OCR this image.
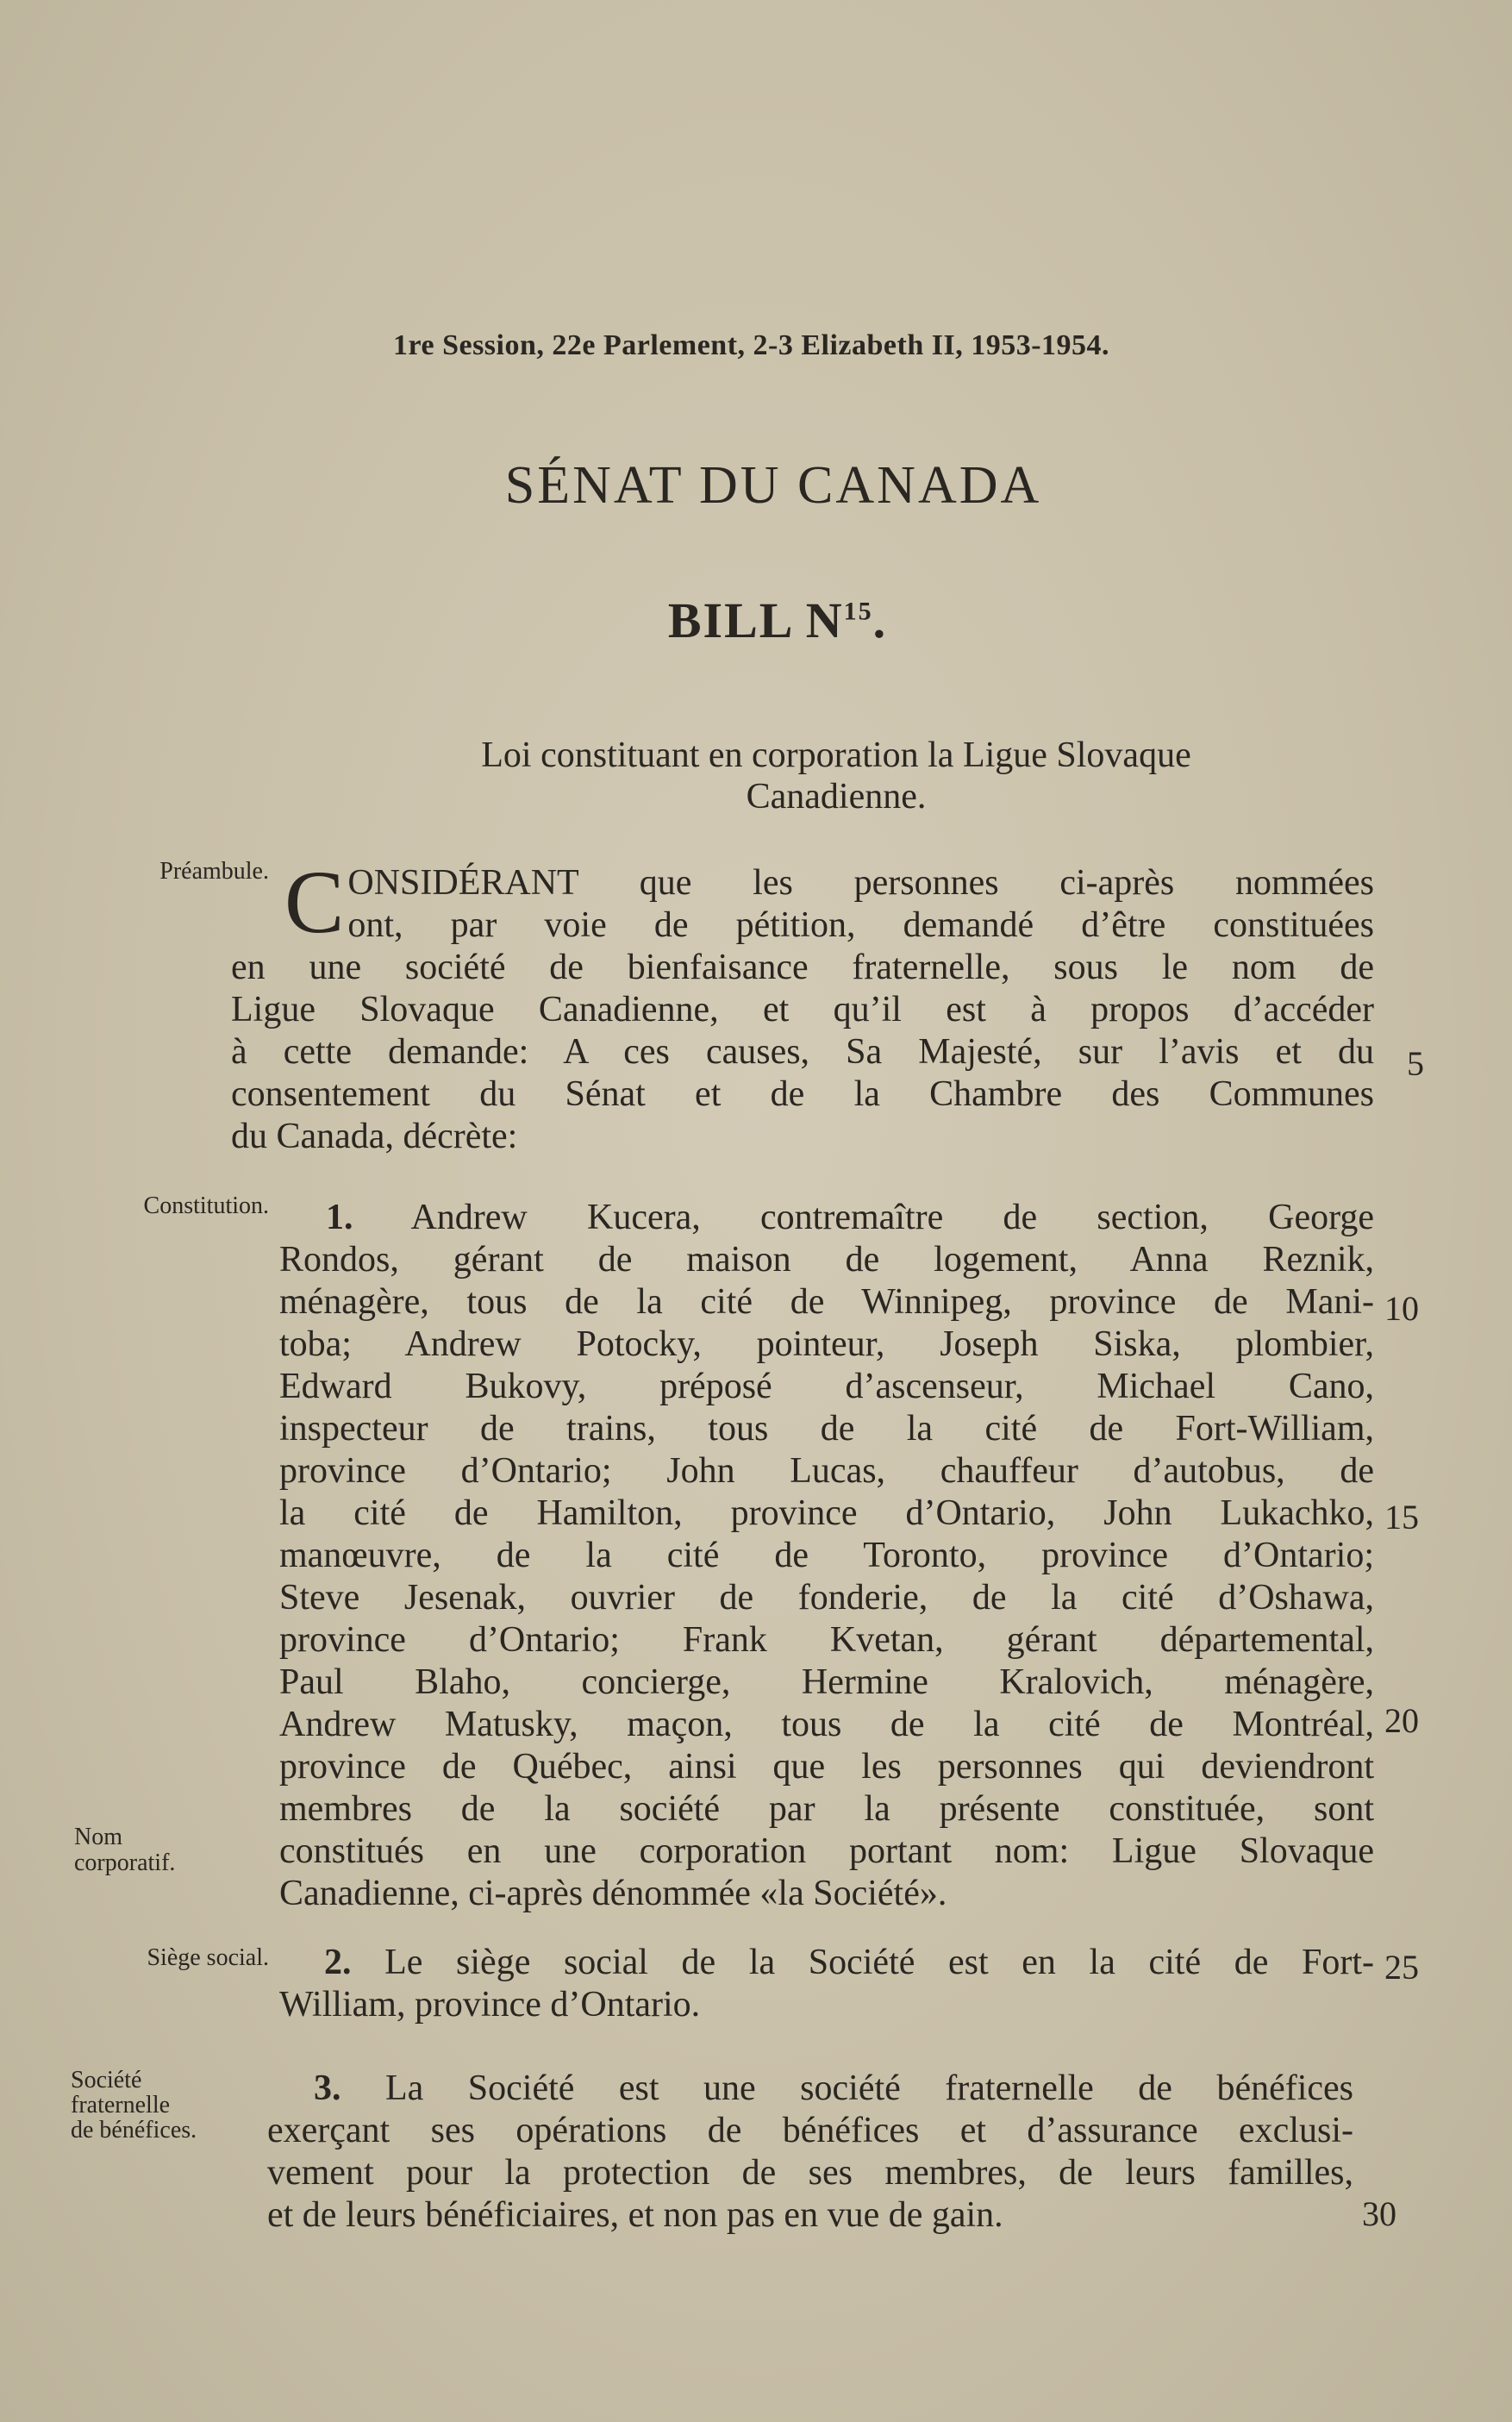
1re Session, 22e Parlement, 2-3 Elizabeth II, 1953-1954.
SÉNAT DU CANADA
BILL $N^{15}$.
Loi constituant en corporation la Ligue Slovaque
Canadienne.
Préambule.
Constitution.
Nom
corporatif.
Siège social.
Société
fraternelle
de bénéfices.
C ONSIDÉRANT que les personnes ci-après nommées
ont, par voie de pétition, demandé d’être constituées
en une société de bienfaisance fraternelle, sous le nom de
Ligue Slovaque Canadienne, et qu’il est à propos d’accéder
à cette demande: A ces causes, Sa Majesté, sur l’avis et du
consentement du Sénat et de la Chambre des Communes
du Canada, décrète:
1. Andrew Kucera, contremaître de section, George
Rondos, gérant de maison de logement, Anna Reznik,
ménagère, tous de la cité de Winnipeg, province de Mani-
toba; Andrew Potocky, pointeur, Joseph Siska, plombier,
Edward Bukovy, préposé d’ascenseur, Michael Cano,
inspecteur de trains, tous de la cité de Fort-William,
province d’Ontario; John Lucas, chauffeur d’autobus, de
la cité de Hamilton, province d’Ontario, John Lukachko,
manœuvre, de la cité de Toronto, province d’Ontario;
Steve Jesenak, ouvrier de fonderie, de la cité d’Oshawa,
province d’Ontario; Frank Kvetan, gérant départemental,
Paul Blaho, concierge, Hermine Kralovich, ménagère,
Andrew Matusky, maçon, tous de la cité de Montréal,
province de Québec, ainsi que les personnes qui deviendront
membres de la société par la présente constituée, sont
constitués en une corporation portant nom: Ligue Slovaque
Canadienne, ci-après dénommée «la Société».
2. Le siège social de la Société est en la cité de Fort-
William, province d’Ontario.
3. La Société est une société fraternelle de bénéfices
exerçant ses opérations de bénéfices et d’assurance exclusi-
vement pour la protection de ses membres, de leurs familles,
et de leurs bénéficiaires, et non pas en vue de gain.
5
10
15
20
25
30
